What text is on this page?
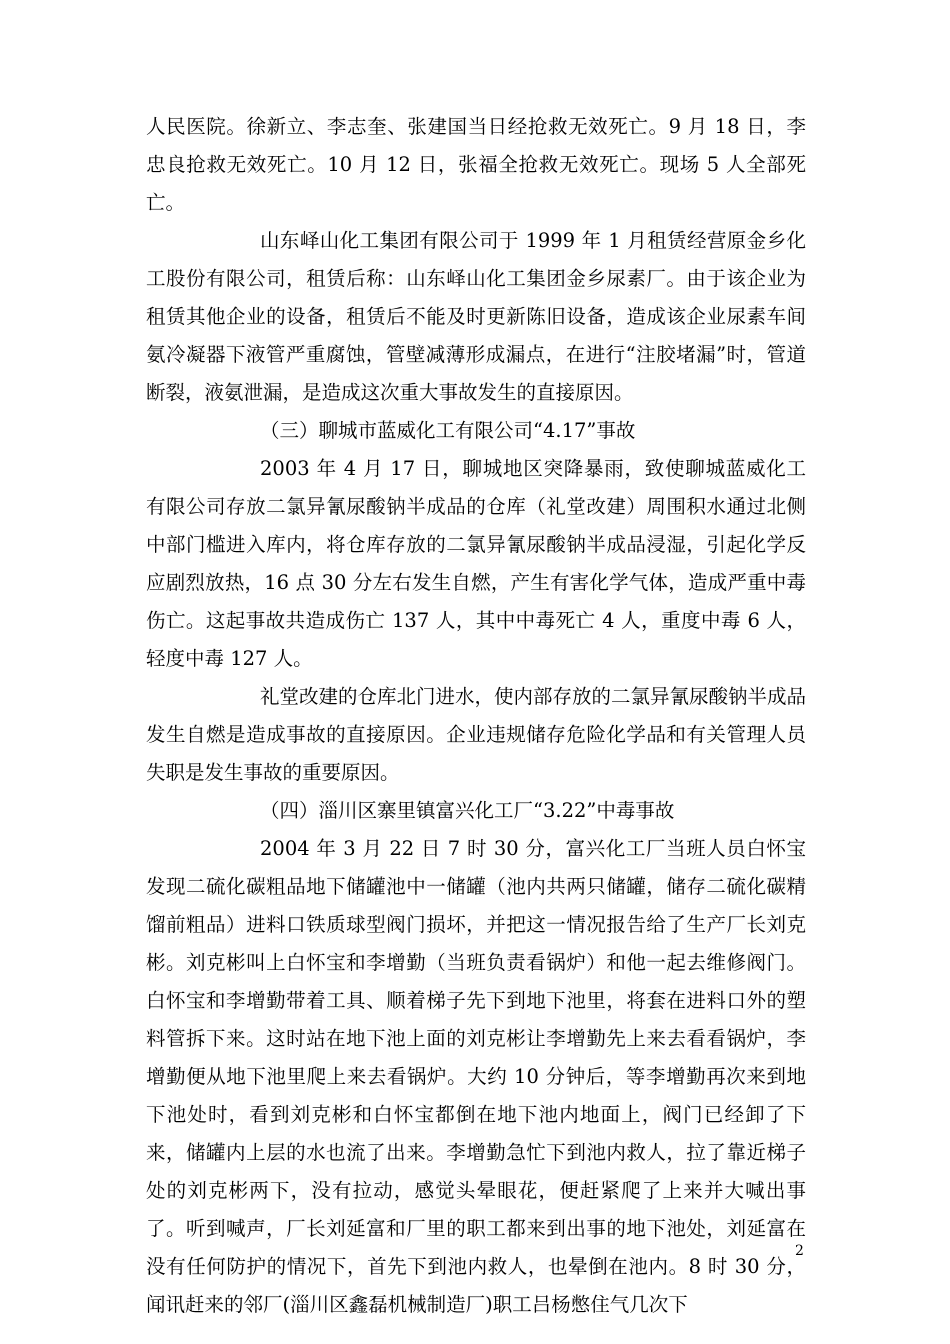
人民医院。徐新立、李志奎、张建国当日经抢救无效死亡。9 月 18 日，李忠良抢救无效死亡。10 月 12 日，张福全抢救无效死亡。现场 5 人全部死亡。

山东峄山化工集团有限公司于 1999 年 1 月租赁经营原金乡化工股份有限公司，租赁后称：山东峄山化工集团金乡尿素厂。由于该企业为租赁其他企业的设备，租赁后不能及时更新陈旧设备，造成该企业尿素车间氨冷凝器下液管严重腐蚀，管壁减薄形成漏点，在进行“注胶堵漏”时，管道断裂，液氨泄漏，是造成这次重大事故发生的直接原因。

（三）聊城市蓝威化工有限公司“4.17”事故

2003 年 4 月 17 日，聊城地区突降暴雨，致使聊城蓝威化工有限公司存放二氯异氰尿酸钠半成品的仓库（礼堂改建）周围积水通过北侧中部门槛进入库内，将仓库存放的二氯异氰尿酸钠半成品浸湿，引起化学反应剧烈放热，16 点 30 分左右发生自燃，产生有害化学气体，造成严重中毒伤亡。这起事故共造成伤亡 137 人，其中中毒死亡 4 人，重度中毒 6 人，轻度中毒 127 人。

礼堂改建的仓库北门进水，使内部存放的二氯异氰尿酸钠半成品发生自燃是造成事故的直接原因。企业违规储存危险化学品和有关管理人员失职是发生事故的重要原因。

（四）淄川区寨里镇富兴化工厂“3.22”中毒事故

2004 年 3 月 22 日 7 时 30 分，富兴化工厂当班人员白怀宝发现二硫化碳粗品地下储罐池中一储罐（池内共两只储罐，储存二硫化碳精馏前粗品）进料口铁质球型阀门损坏，并把这一情况报告给了生产厂长刘克彬。刘克彬叫上白怀宝和李增勤（当班负责看锅炉）和他一起去维修阀门。白怀宝和李增勤带着工具、顺着梯子先下到地下池里，将套在进料口外的塑料管拆下来。这时站在地下池上面的刘克彬让李增勤先上来去看看锅炉，李增勤便从地下池里爬上来去看锅炉。大约 10 分钟后，等李增勤再次来到地下池处时，看到刘克彬和白怀宝都倒在地下池内地面上，阀门已经卸了下来，储罐内上层的水也流了出来。李增勤急忙下到池内救人，拉了靠近梯子处的刘克彬两下，没有拉动，感觉头晕眼花，便赶紧爬了上来并大喊出事了。听到喊声，厂长刘延富和厂里的职工都来到出事的地下池处，刘延富在没有任何防护的情况下，首先下到池内救人，也晕倒在池内。8 时 30 分，闻讯赶来的邻厂(淄川区鑫磊机械制造厂)职工吕杨憋住气几次下

2
